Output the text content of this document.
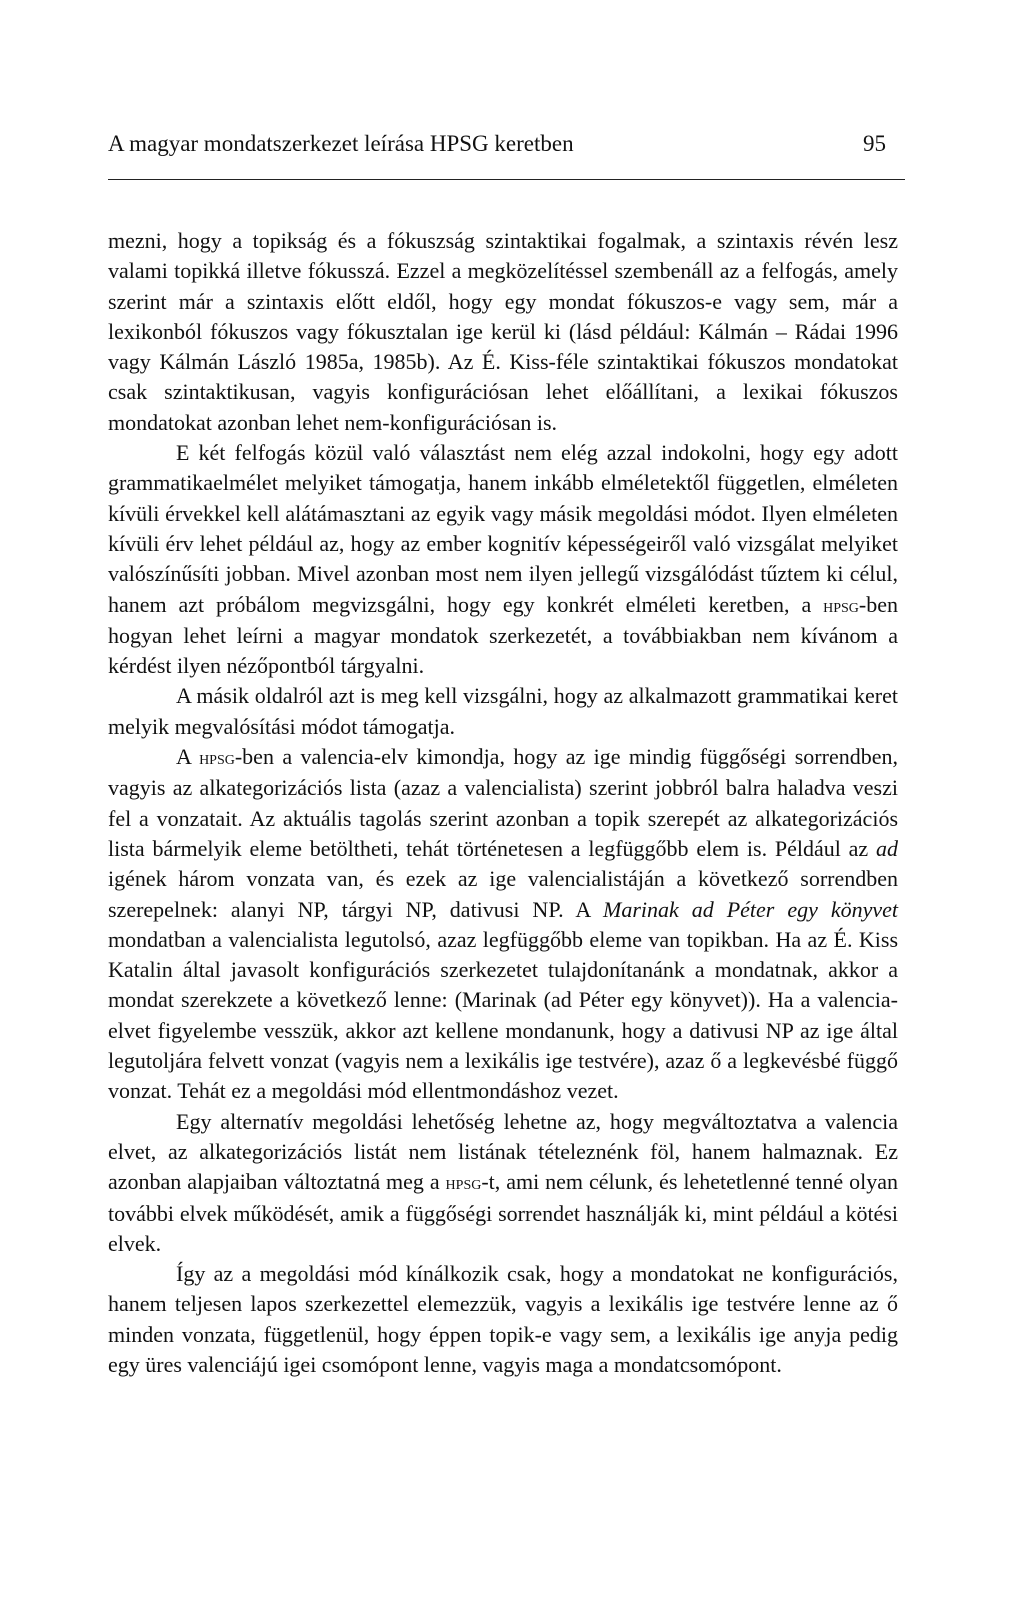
A magyar mondatszerkezet leírása HPSG keretben	95

mezni, hogy a topikság és a fókuszság szintaktikai fogalmak, a szintaxis révén lesz valami topikká illetve fókusszá. Ezzel a megközelítéssel szembenáll az a felfogás, amely szerint már a szintaxis előtt eldől, hogy egy mondat fókuszos-e vagy sem, már a lexikonból fókuszos vagy fókusztalan ige kerül ki (lásd például: Kálmán – Rádai 1996 vagy Kálmán László 1985a, 1985b). Az É. Kiss-féle szintaktikai fókuszos mondatokat csak szintaktikusan, vagyis konfigurációsan lehet előállítani, a lexikai fókuszos mondatokat azonban lehet nem-konfigurációsan is.

E két felfogás közül való választást nem elég azzal indokolni, hogy egy adott grammatikaelmélet melyiket támogatja, hanem inkább elméletektől független, elméleten kívüli érvekkel kell alátámasztani az egyik vagy másik megoldási módot. Ilyen elméleten kívüli érv lehet például az, hogy az ember kognitív képességeiről való vizsgálat melyiket valószínűsíti jobban. Mivel azonban most nem ilyen jellegű vizsgálódást tűztem ki célul, hanem azt próbálom megvizsgálni, hogy egy konkrét elméleti keretben, a hpsg-ben hogyan lehet leírni a magyar mondatok szerkezetét, a továbbiakban nem kívánom a kérdést ilyen nézőpontból tárgyalni.

A másik oldalról azt is meg kell vizsgálni, hogy az alkalmazott grammatikai keret melyik megvalósítási módot támogatja.

A hpsg-ben a valencia-elv kimondja, hogy az ige mindig függőségi sorrendben, vagyis az alkategorizációs lista (azaz a valencialista) szerint jobbról balra haladva veszi fel a vonzatait. Az aktuális tagolás szerint azonban a topik szerepét az alkategorizációs lista bármelyik eleme betöltheti, tehát történetesen a legfüggőbb elem is. Például az ad igének három vonzata van, és ezek az ige valencialistáján a következő sorrendben szerepelnek: alanyi NP, tárgyi NP, dativusi NP. A Marinak ad Péter egy könyvet mondatban a valencialista legutolsó, azaz legfüggőbb eleme van topikban. Ha az É. Kiss Katalin által javasolt konfigurációs szerkezetet tulajdonítanánk a mondatnak, akkor a mondat szerekzete a következő lenne: (Marinak (ad Péter egy könyvet)). Ha a valencia-elvet figyelembe vesszük, akkor azt kellene mondanunk, hogy a dativusi NP az ige által legutoljára felvett vonzat (vagyis nem a lexikális ige testvére), azaz ő a legkevésbé függő vonzat. Tehát ez a megoldási mód ellentmondáshoz vezet.

Egy alternatív megoldási lehetőség lehetne az, hogy megváltoztatva a valencia elvet, az alkategorizációs listát nem listának tételeznénk föl, hanem halmaznak. Ez azonban alapjaiban változtatná meg a hpsg-t, ami nem célunk, és lehetetlenné tenné olyan további elvek működését, amik a függőségi sorrendet használják ki, mint például a kötési elvek.

Így az a megoldási mód kínálkozik csak, hogy a mondatokat ne konfigurációs, hanem teljesen lapos szerkezettel elemezzük, vagyis a lexikális ige testvére lenne az ő minden vonzata, függetlenül, hogy éppen topik-e vagy sem, a lexikális ige anyja pedig egy üres valenciájú igei csomópont lenne, vagyis maga a mondatcsomópont.
